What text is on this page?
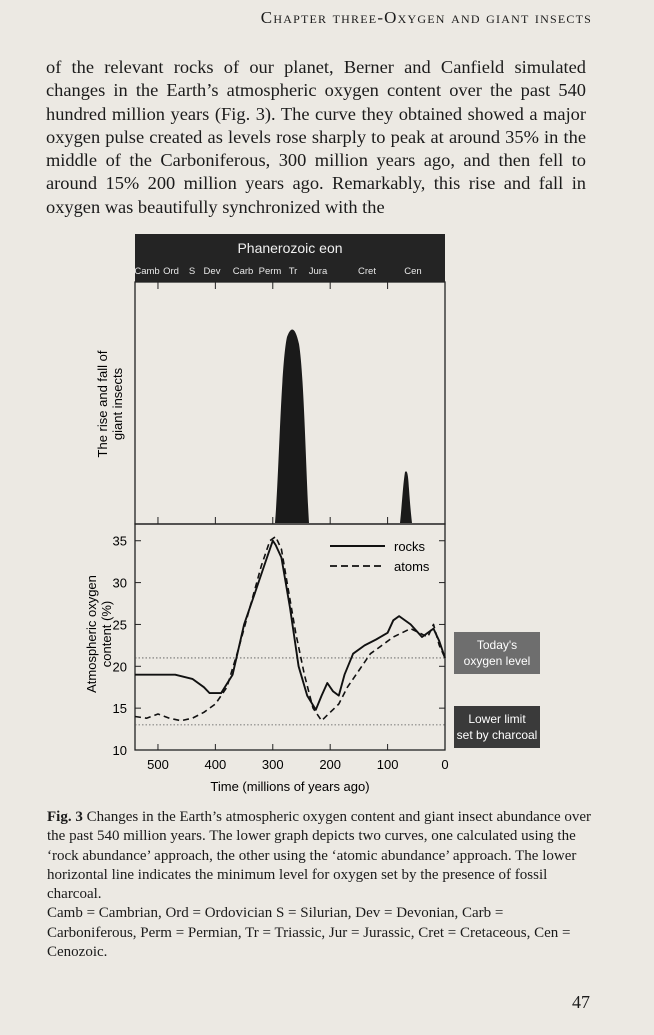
Chapter three-Oxygen and giant insects

of the relevant rocks of our planet, Berner and Canfield simulated changes in the Earth’s atmospheric oxygen content over the past 540 hundred million years (Fig. 3). The curve they obtained showed a major oxygen pulse created as levels rose sharply to peak at around 35% in the middle of the Carboniferous, 300 million years ago, and then fell to around 15% 200 million years ago. Remarkably, this rise and fall in oxygen was beautifully synchronized with the

Phanerozoic eon
Camb Ord S Dev Carb Perm Tr Jura	Cret	Cen
The rise and fall of giant insects
10
15
20
25
30
35
500	400	300	200	100	0
rocks
atoms
Atmospheric oxygen content (%)
Time (millions of years ago)
Today's
oxygen level
Lower limit
set by charcoal

Fig. 3 Changes in the Earth’s atmospheric oxygen content and giant insect abundance over the past 540 million years. The lower graph depicts two curves, one calculated using the ‘rock abundance’ approach, the other using the ‘atomic abundance’ approach. The lower horizontal line indicates the minimum level for oxygen set by the presence of fossil charcoal.
Camb = Cambrian, Ord = Ordovician S = Silurian, Dev = Devonian, Carb = Carboniferous, Perm = Permian, Tr = Triassic, Jur = Jurassic, Cret = Cretaceous, Cen = Cenozoic.

47
